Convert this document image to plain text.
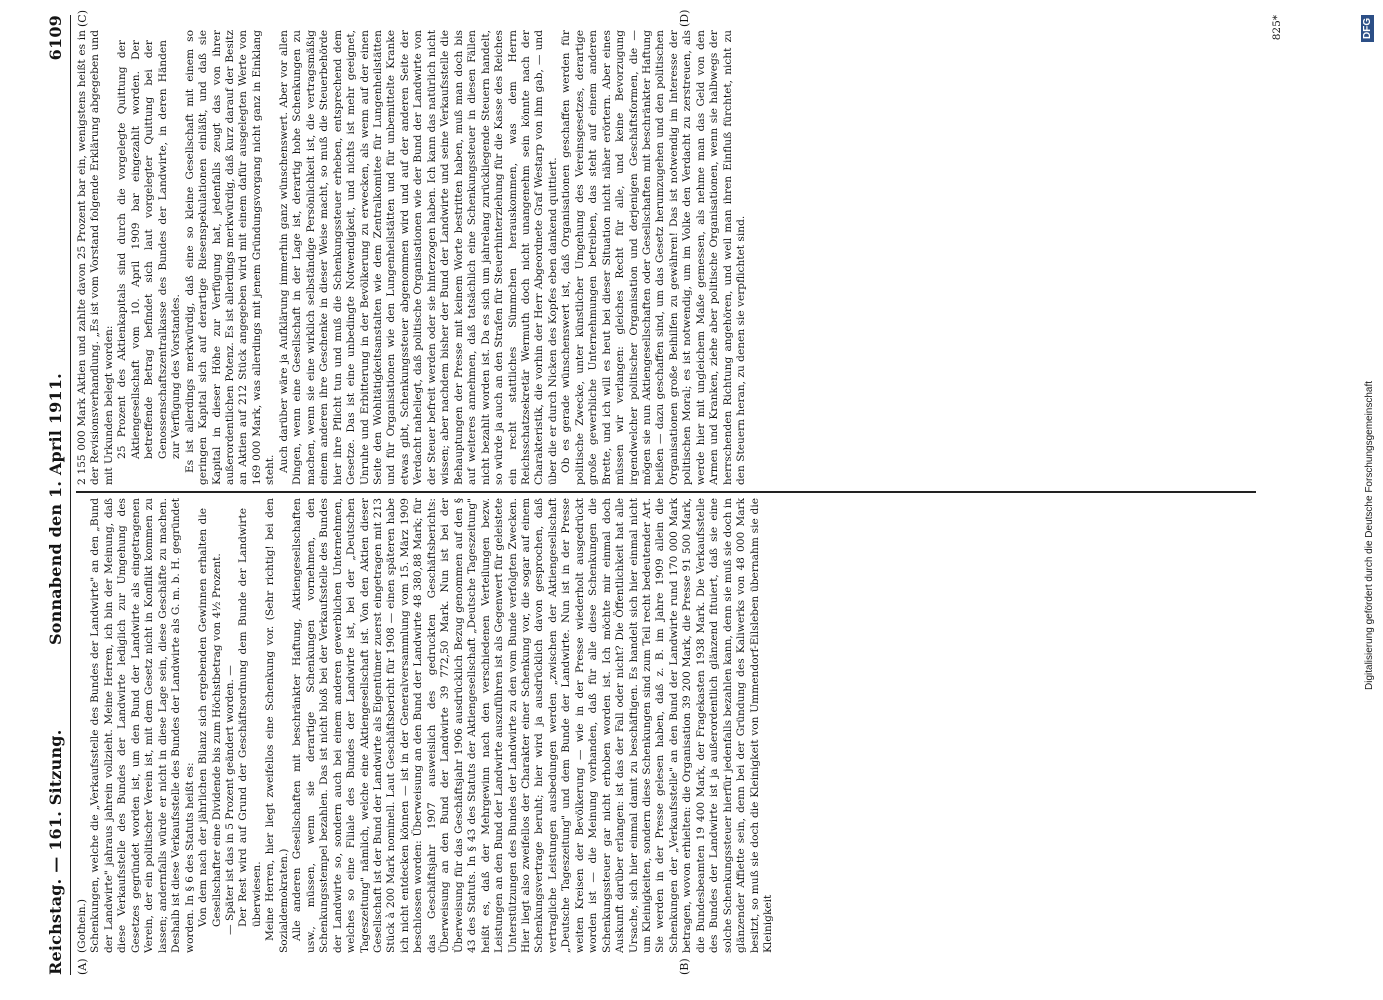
Reichstag. — 161. Sitzung.
Sonnabend den 1. April 1911.
6109
(A)	(B)
(C)	(D)

(Gothein.) Schenkungen, welche die „Verkaufsstelle des Bundes der Landwirte" an den „Bund der Landwirte" jahraus jahrein vollzieht. Meine Herren, ich bin der Meinung, daß diese Verkaufsstelle des Bundes der Landwirte lediglich zur Umgehung des Gesetzes gegründet worden ist, um den Bund der Landwirte als eingetragenen Verein, der ein politischer Verein ist, mit dem Gesetz nicht in Konflikt kommen zu lassen; andernfalls würde er nicht in diese Lage sein, diese Geschäfte zu machen. Deshalb ist diese Verkaufsstelle des Bundes der Landwirte als G. m. b. H. gegründet worden. In § 6 des Statuts heißt es: Von dem nach der jährlichen Bilanz sich ergebenden Gewinnen erhalten die Gesellschafter eine Dividende bis zum Höchstbetrag von 4½ Prozent. — Später ist das in 5 Prozent geändert worden. — Der Rest wird auf Grund der Geschäftsordnung dem Bunde der Landwirte überwiesen. Meine Herren, hier liegt zweifellos eine Schenkung vor. (Sehr richtig! bei den Sozialdemokraten.) Alle anderen Gesellschaften mit beschränkter Haftung, Aktiengesellschaften usw., müssen, wenn sie derartige Schenkungen vornehmen, den Schenkungsstempel bezahlen. Das ist nicht bloß bei der Verkaufsstelle des Bundes der Landwirte so, sondern auch bei einem anderen gewerblichen Unternehmen, welches so eine Filiale des Bundes der Landwirte ist, bei der „Deutschen Tageszeitung" nämlich, welche eine Aktiengesellschaft ist. Von den Aktien dieser Gesellschaft ist der Bund der Landwirte als Eigentümer zuerst eingetragen mit 213 Stück à 200 Mark nominell. Laut Geschäftsbericht für 1908 — einen späteren habe ich nicht entdecken können — ist in der Generalversammlung vom 15. März 1909 beschlossen worden: Überweisung an den Bund der Landwirte 48 380,88 Mark; für das Geschäftsjahr 1907 ausweislich des gedruckten Geschäftsberichts: Überweisung an den Bund der Landwirte 39 772,50 Mark. Nun ist bei der Überweisung für das Geschäftsjahr 1906 ausdrücklich Bezug genommen auf den § 43 des Statuts. In § 43 des Statuts der Aktiengesellschaft „Deutsche Tageszeitung" heißt es, daß der Mehrgewinn nach den verschiedenen Verteilungen bezw. Leistungen an den Bund der Landwirte auszuführen ist als Gegenwert für geleistete Unterstützungen des Bundes der Landwirte zu den vom Bunde verfolgten Zwecken. Hier liegt also zweifellos der Charakter einer Schenkung vor, die sogar auf einem Schenkungsvertrage beruht; hier wird ja ausdrücklich davon gesprochen, daß vertragliche Leistungen ausbedungen werden „zwischen der Aktiengesellschaft „Deutsche Tageszeitung" und dem Bunde der Landwirte. Nun ist in der Presse weiten Kreisen der Bevölkerung — wie in der Presse wiederholt ausgedrückt worden ist — die Meinung vorhanden, daß für alle diese Schenkungen die Schenkungssteuer gar nicht erhoben worden ist. Ich möchte mir einmal doch Auskunft darüber erlangen: ist das der Fall oder nicht? Die Öffentlichkeit hat alle Ursache, sich hier einmal damit zu beschäftigen. Es handelt sich hier einmal nicht um Kleinigkeiten, sondern diese Schenkungen sind zum Teil recht bedeutender Art. Sie werden in der Presse gelesen haben, daß z. B. im Jahre 1909 allein die Schenkungen der „Verkaufsstelle" an den Bund der Landwirte rund 170 000 Mark betragen, wovon erhielten: die Organisation 39 200 Mark, die Presse 91 500 Mark, die Bundesbeamten 19 400 Mark, der Fragekasten 1938 Mark. Die Verkaufsstelle des Bundes der Landwirte ist ja außerordentlich glänzend fituiert, daß sie eine solche Schenkungssteuer hierfür jedenfalls bezahlen kann, denn sie muß sie doch in glänzender Affiette sein, denn bei der Gründung des Kaliwerks von 48 000 Mark besitzt, so muß sie doch die Kleinigkeit von Ummendorf-Eilsleben übernahm sie die Kleinigkeit

2 155 000 Mark Aktien und zahlte davon 25 Prozent bar ein, wenigstens heißt es in der Revisionsverhandlung. „Es ist vom Vorstand folgende Erklärung abgegeben und mit Urkunden belegt worden: 25 Prozent des Aktienkapitals sind durch die vorgelegte Quittung der Aktiengesellschaft vom 10. April 1909 bar eingezahlt worden. Der betreffende Betrag befindet sich laut vorgelegter Quittung bei der Genossenschaftszentralkasse des Bundes der Landwirte, in deren Händen zur Verfügung des Vorstandes. Es ist allerdings merkwürdig, daß eine so kleine Gesellschaft mit einem so geringen Kapital sich auf derartige Riesenspekulationen einläßt, und daß sie Kapital in dieser Höhe zur Verfügung hat, jedenfalls zeugt das von ihrer außerordentlichen Potenz. Es ist allerdings merkwürdig, daß kurz darauf der Besitz an Aktien auf 212 Stück angegeben wird mit einem dafür ausgelegten Werte von 169 000 Mark, was allerdings mit jenem Gründungsvorgang nicht ganz in Einklang steht. Auch darüber wäre ja Aufklärung immerhin ganz wünschenswert. Aber vor allen Dingen, wenn eine Gesellschaft in der Lage ist, derartig hohe Schenkungen zu machen, wenn sie eine wirklich selbständige Persönlichkeit ist, die vertragsmäßig einem anderen ihre Geschenke in dieser Weise macht, so muß die Steuerbehörde hier ihre Pflicht tun und muß die Schenkungssteuer erheben, entsprechend dem Gesetze. Das ist eine unbedingte Notwendigkeit, und nichts ist mehr geeignet, Unruhe und Erbitterung in der Bevölkerung zu erwecken, als wenn auf der einen Seite den Wohltätigkeitsanstalten wie dem Zentralkomitee für Lungenheilstätten und für Organisationen wie den Lungenheilstätten und für unbemittelte Kranke etwas gibt, Schenkungssteuer abgenommen wird und auf der anderen Seite der Verdacht naheliegt, daß politische Organisationen wie der Bund der Landwirte von der Steuer befreit werden oder sie hinterzogen haben. Ich kann das natürlich nicht wissen; aber nachdem bisher der Bund der Landwirte und seine Verkaufsstelle die Behauptungen der Presse mit keinem Worte bestritten haben, muß man doch bis auf weiteres annehmen, daß tatsächlich eine Schenkungssteuer in diesen Fällen nicht bezahlt worden ist. Da es sich um jahrelang zurückliegende Steuern handelt, so würde ja auch an den Strafen für Steuerhinterziehung für die Kasse des Reiches ein recht stattliches Sümmchen herauskommen, was dem Herrn Reichsschatzsekretär Wermuth doch nicht unangenehm sein könnte nach der Charakteristik, die vorhin der Herr Abgeordnete Graf Westarp von ihm gab, — und über die er durch Nicken des Kopfes eben dankend quittiert. Ob es gerade wünschenswert ist, daß Organisationen geschaffen werden für politische Zwecke, unter künstlicher Umgehung des Vereinsgesetzes, derartige große gewerbliche Unternehmungen betreiben, das steht auf einem anderen Brette, und ich will es heut bei dieser Situation nicht näher erörtern. Aber eines müssen wir verlangen: gleiches Recht für alle, und keine Bevorzugung irgendwelcher politischer Organisation und derjenigen Geschäftsformen, die — mögen sie nun Aktiengesellschaften oder Gesellschaften mit beschränkter Haftung heißen — dazu geschaffen sind, um das Gesetz herumzugehen und den politischen Organisationen große Beihilfen zu gewähren! Das ist notwendig im Interesse der politischen Moral; es ist notwendig, um im Volke den Verdacht zu zerstreuen, als werde hier mit ungleichem Maße gemessen, als nehme man das Geld von den Armen und Kranken, ziehe aber politische Organisationen, wenn sie halbwegs der herrschenden Richtung angehören, und weil man ihren Einfluß fürchtet, nicht zu den Steuern heran, zu denen sie verpflichtet sind.

825*
Digitalisierung gefördert durch die Deutsche Forschungsgemeinschaft
DFG
